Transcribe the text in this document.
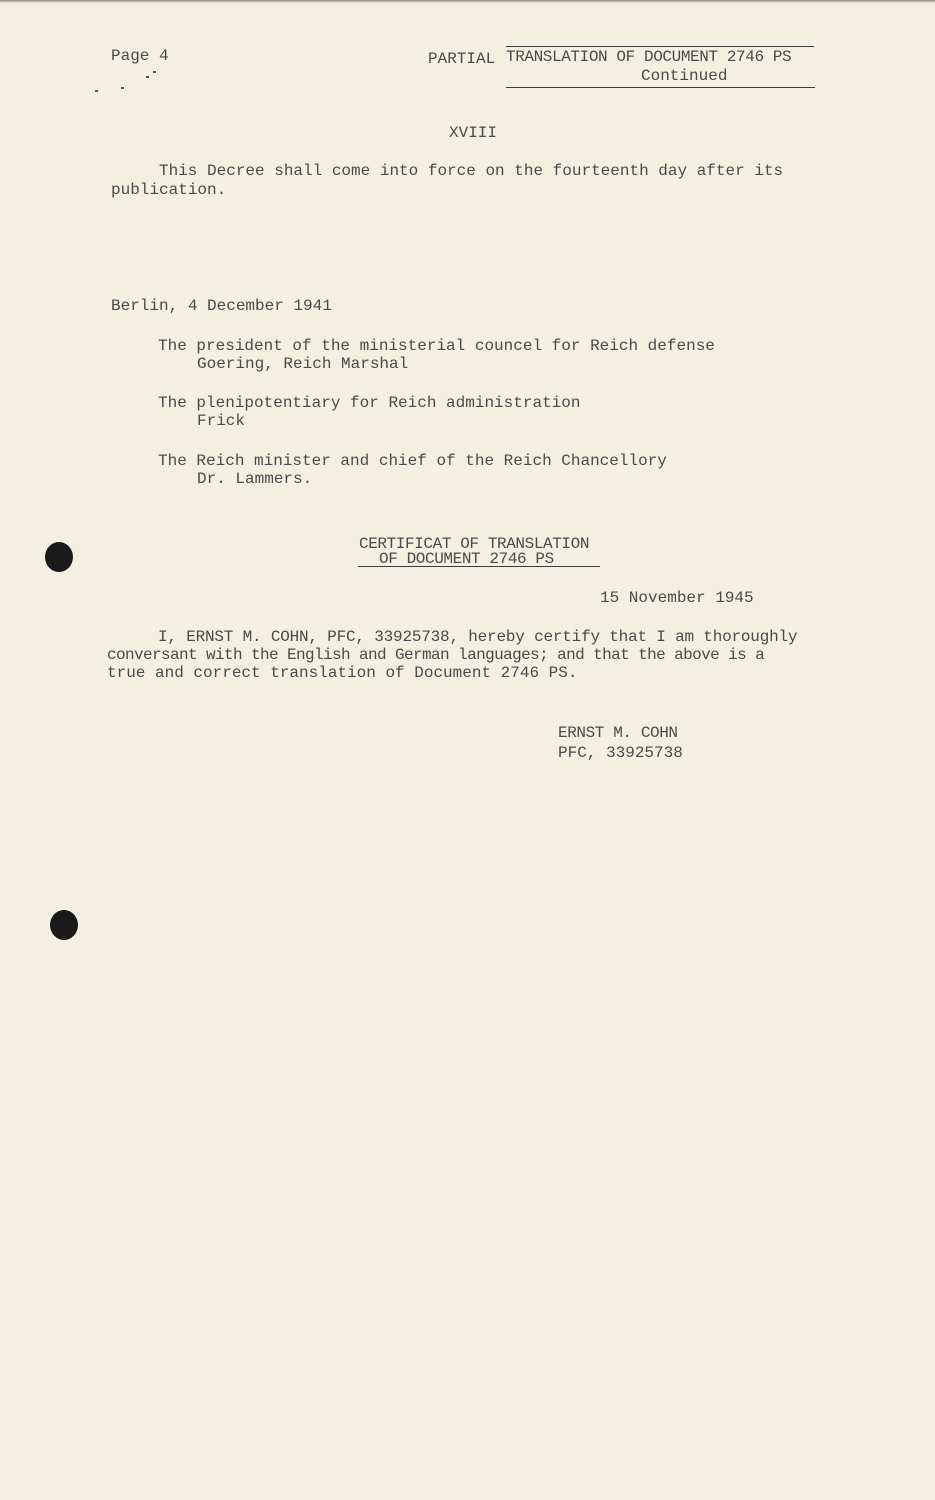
Page 4	PARTIAL TRANSLATION OF DOCUMENT 2746 PS
Continued
XVIII
This Decree shall come into force on the fourteenth day after its
publication.
Berlin, 4 December 1941
The president of the ministerial councel for Reich defense
Goering, Reich Marshal
The plenipotentiary for Reich administration
Frick
The Reich minister and chief of the Reich Chancellory
Dr. Lammers.
CERTIFICAT OF TRANSLATION
OF DOCUMENT 2746 PS
15 November 1945
I, ERNST M. COHN, PFC, 33925738, hereby certify that I am thoroughly
conversant with the English and German languages; and that the above is a
true and correct translation of Document 2746 PS.
ERNST M. COHN
PFC, 33925738
